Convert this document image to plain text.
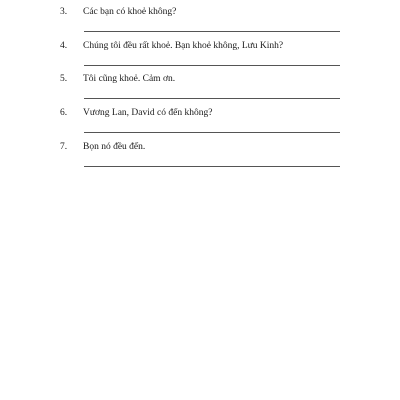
3. Các bạn có khoẻ không?
4. Chúng tôi đều rất khoẻ. Bạn khoẻ không, Lưu Kinh?
5. Tôi cũng khoẻ. Cảm ơn.
6. Vương Lan, David có đến không?
7. Bọn nó đều đến.
